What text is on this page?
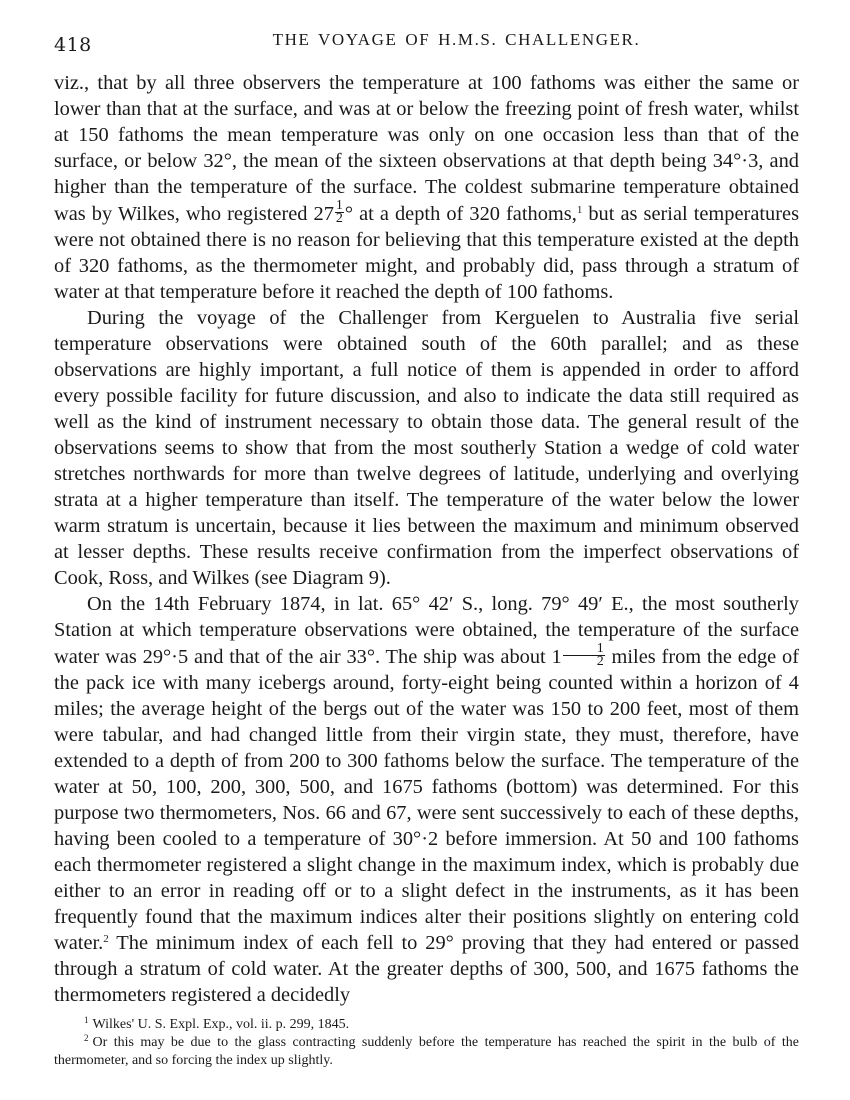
418	THE VOYAGE OF H.M.S. CHALLENGER.

viz., that by all three observers the temperature at 100 fathoms was either the same or lower than that at the surface, and was at or below the freezing point of fresh water, whilst at 150 fathoms the mean temperature was only on one occasion less than that of the surface, or below 32°, the mean of the sixteen observations at that depth being 34°·3, and higher than the temperature of the surface. The coldest submarine temperature obtained was by Wilkes, who registered $27 \frac{1}{2}$ ° at a depth of 320 fathoms,$^1$ but as serial temperatures were not obtained there is no reason for believing that this temperature existed at the depth of 320 fathoms, as the thermometer might, and probably did, pass through a stratum of water at that temperature before it reached the depth of 100 fathoms.

During the voyage of the Challenger from Kerguelen to Australia five serial temperature observations were obtained south of the 60th parallel; and as these observations are highly important, a full notice of them is appended in order to afford every possible facility for future discussion, and also to indicate the data still required as well as the kind of instrument necessary to obtain those data. The general result of the observations seems to show that from the most southerly Station a wedge of cold water stretches northwards for more than twelve degrees of latitude, underlying and overlying strata at a higher temperature than itself. The temperature of the water below the lower warm stratum is uncertain, because it lies between the maximum and minimum observed at lesser depths. These results receive confirmation from the imperfect observations of Cook, Ross, and Wilkes (see Diagram 9).

On the 14th February 1874, in lat. 65° 42′ S., long. 79° 49′ E., the most southerly Station at which temperature observations were obtained, the temperature of the surface water was 29°·5 and that of the air 33°. The ship was about $1 \frac{1}{2}$ miles from the edge of the pack ice with many icebergs around, forty-eight being counted within a horizon of 4 miles; the average height of the bergs out of the water was 150 to 200 feet, most of them were tabular, and had changed little from their virgin state, they must, therefore, have extended to a depth of from 200 to 300 fathoms below the surface. The temperature of the water at 50, 100, 200, 300, 500, and 1675 fathoms (bottom) was determined. For this purpose two thermometers, Nos. 66 and 67, were sent successively to each of these depths, having been cooled to a temperature of 30°·2 before immersion. At 50 and 100 fathoms each thermometer registered a slight change in the maximum index, which is probably due either to an error in reading off or to a slight defect in the instruments, as it has been frequently found that the maximum indices alter their positions slightly on entering cold water.$^2$ The minimum index of each fell to 29° proving that they had entered or passed through a stratum of cold water. At the greater depths of 300, 500, and 1675 fathoms the thermometers registered a decidedly

$^1$ Wilkes' U. S. Expl. Exp., vol. ii. p. 299, 1845.

$^2$ Or this may be due to the glass contracting suddenly before the temperature has reached the spirit in the bulb of the thermometer, and so forcing the index up slightly.
